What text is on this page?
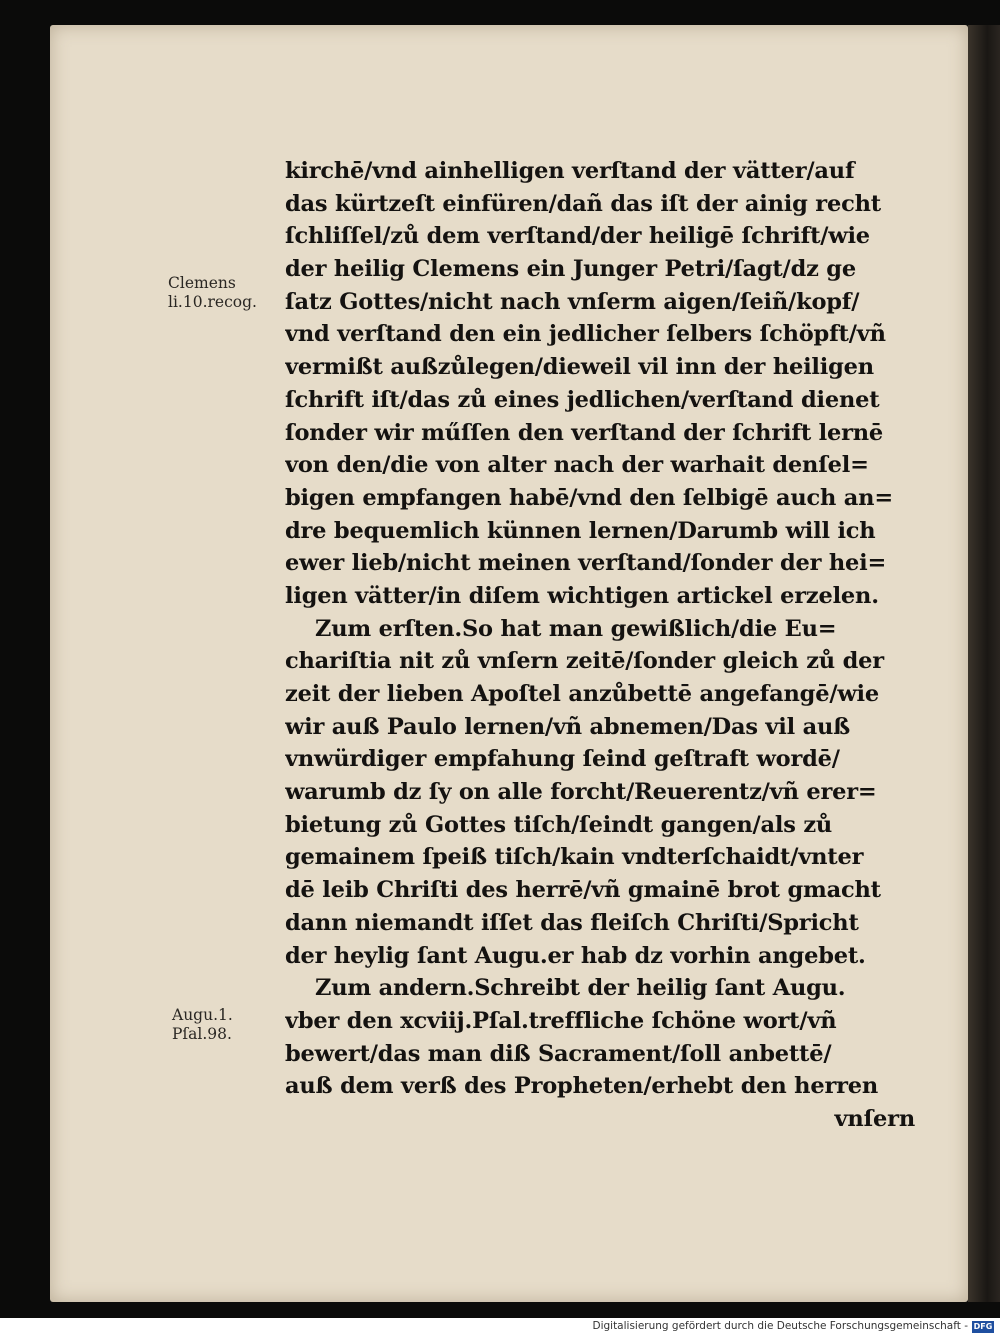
Clemens
li.10.recog.
Augu.1.
Pſal.98.
kirchē/vnd ainhelligen verſtand der vätter/auf
das kürtzeſt einfüren/dañ das iſt der ainig recht
ſchliſſel/zů dem verſtand/der heiligē ſchrift/wie
der heilig Clemens ein Junger Petri/ſagt/dz ge
ſatz Gottes/nicht nach vnſerm aigen/ſeiñ/kopf/
vnd verſtand den ein jedlicher ſelbers ſchöpft/vñ
vermißt außzůlegen/dieweil vil inn der heiligen
ſchrift iſt/das zů eines jedlichen/verſtand dienet
ſonder wir műſſen den verſtand der ſchrift lernē
von den/die von alter nach der warhait denſel=
bigen empfangen habē/vnd den ſelbigē auch an=
dre bequemlich künnen lernen/Darumb will ich
ewer lieb/nicht meinen verſtand/ſonder der hei=
ligen vätter/in diſem wichtigen artickel erzelen.
Zum erſten.So hat man gewißlich/die Eu=
chariſtia nit zů vnſern zeitē/ſonder gleich zů der
zeit der lieben Apoſtel anzůbettē angefangē/wie
wir auß Paulo lernen/vñ abnemen/Das vil auß
vnwürdiger empfahung ſeind geſtraft wordē/
warumb dz ſy on alle forcht/Reuerentz/vñ erer=
bietung zů Gottes tiſch/ſeindt gangen/als zů
gemainem ſpeiß tiſch/kain vndterſchaidt/vnter
dē leib Chriſti des herrē/vñ gmainē brot gmacht
dann niemandt iſſet das fleiſch Chriſti/Spricht
der heylig ſant Augu.er hab dz vorhin angebet.
Zum andern.Schreibt der heilig ſant Augu.
vber den xcviij.Pſal.treffliche ſchöne wort/vñ
bewert/das man diß Sacrament/ſoll anbettē/
auß dem verß des Propheten/erhebt den herren
vnſern
Digitalisierung gefördert durch die Deutsche Forschungsgemeinschaft - DFG
